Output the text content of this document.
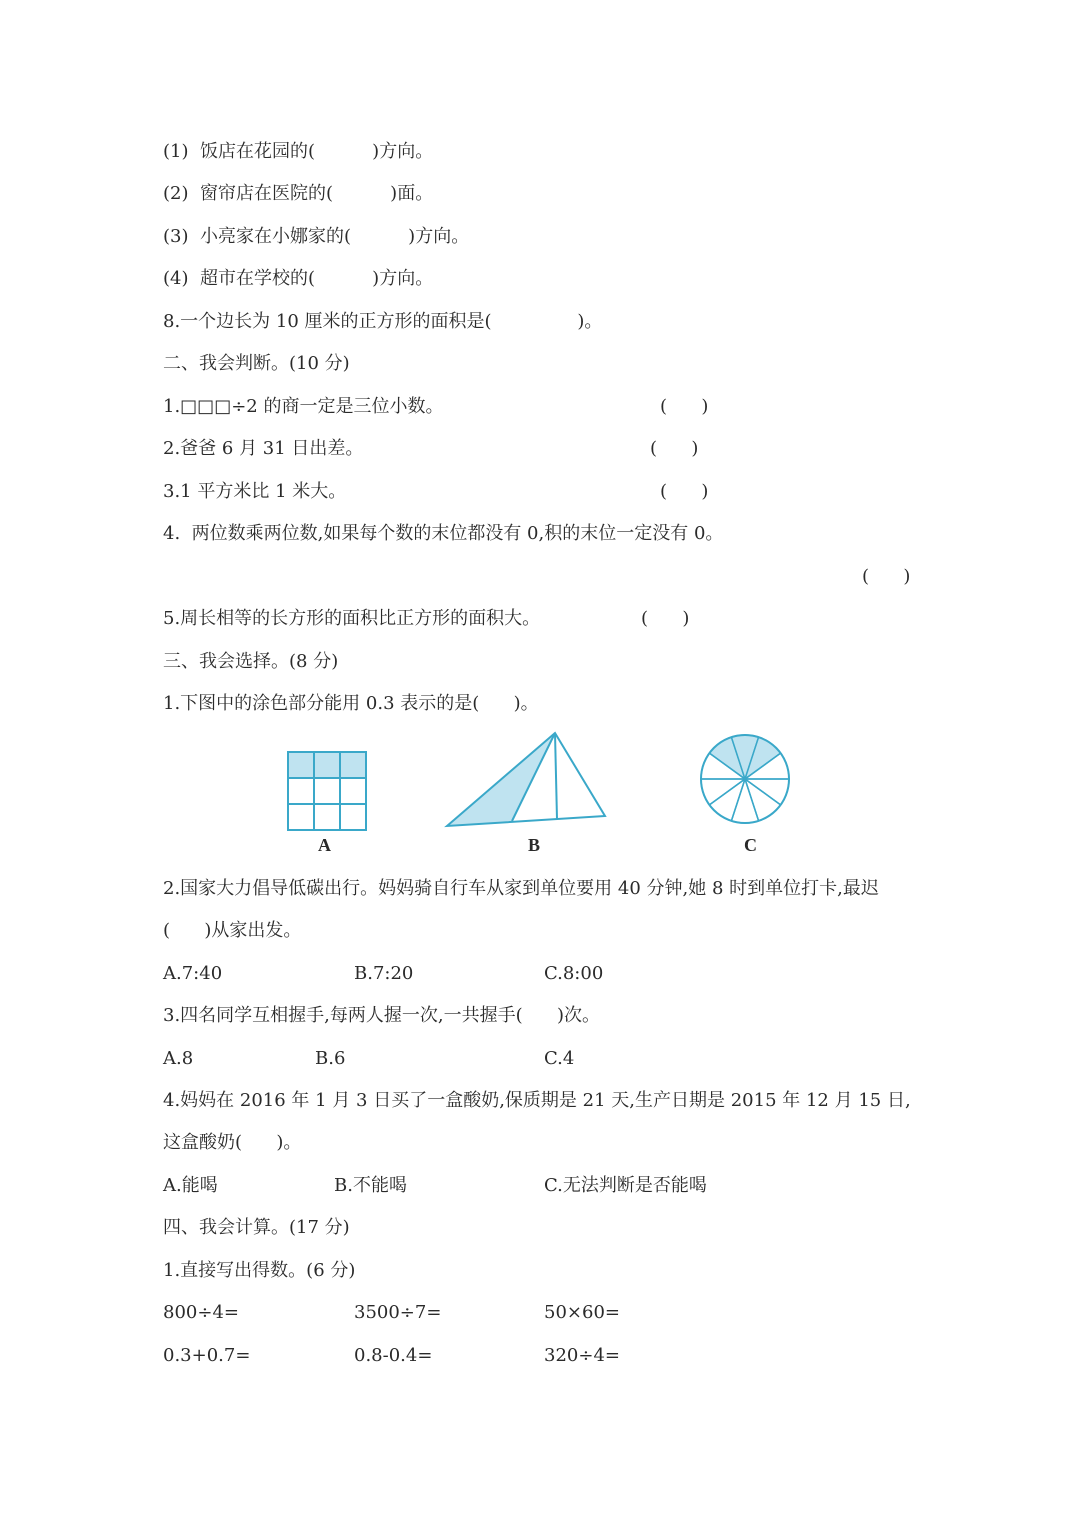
(1)  饭店在花园的(          )方向。
(2)  窗帘店在医院的(          )面。
(3)  小亮家在小娜家的(          )方向。
(4)  超市在学校的(          )方向。
8.一个边长为 10 厘米的正方形的面积是(               )。
二、我会判断。(10 分)
1.□□□÷2 的商一定是三位小数。	(      )
2.爸爸 6 月 31 日出差。	(      )
3.1 平方米比 1 米大。	(      )
4.  两位数乘两位数,如果每个数的末位都没有 0,积的末位一定没有 0。
(      )
5.周长相等的长方形的面积比正方形的面积大。	(      )
三、我会选择。(8 分)
1.下图中的涂色部分能用 0.3 表示的是(      )。
A	B	C
2.国家大力倡导低碳出行。妈妈骑自行车从家到单位要用 40 分钟,她 8 时到单位打卡,最迟
(      )从家出发。
A.7:40	B.7:20	C.8:00
3.四名同学互相握手,每两人握一次,一共握手(      )次。
A.8	B.6	C.4
4.妈妈在 2016 年 1 月 3 日买了一盒酸奶,保质期是 21 天,生产日期是 2015 年 12 月 15 日,
这盒酸奶(      )。
A.能喝	B.不能喝	C.无法判断是否能喝
四、我会计算。(17 分)
1.直接写出得数。(6 分)
800÷4=	3500÷7=	50×60=
0.3+0.7=	0.8-0.4=	320÷4=
